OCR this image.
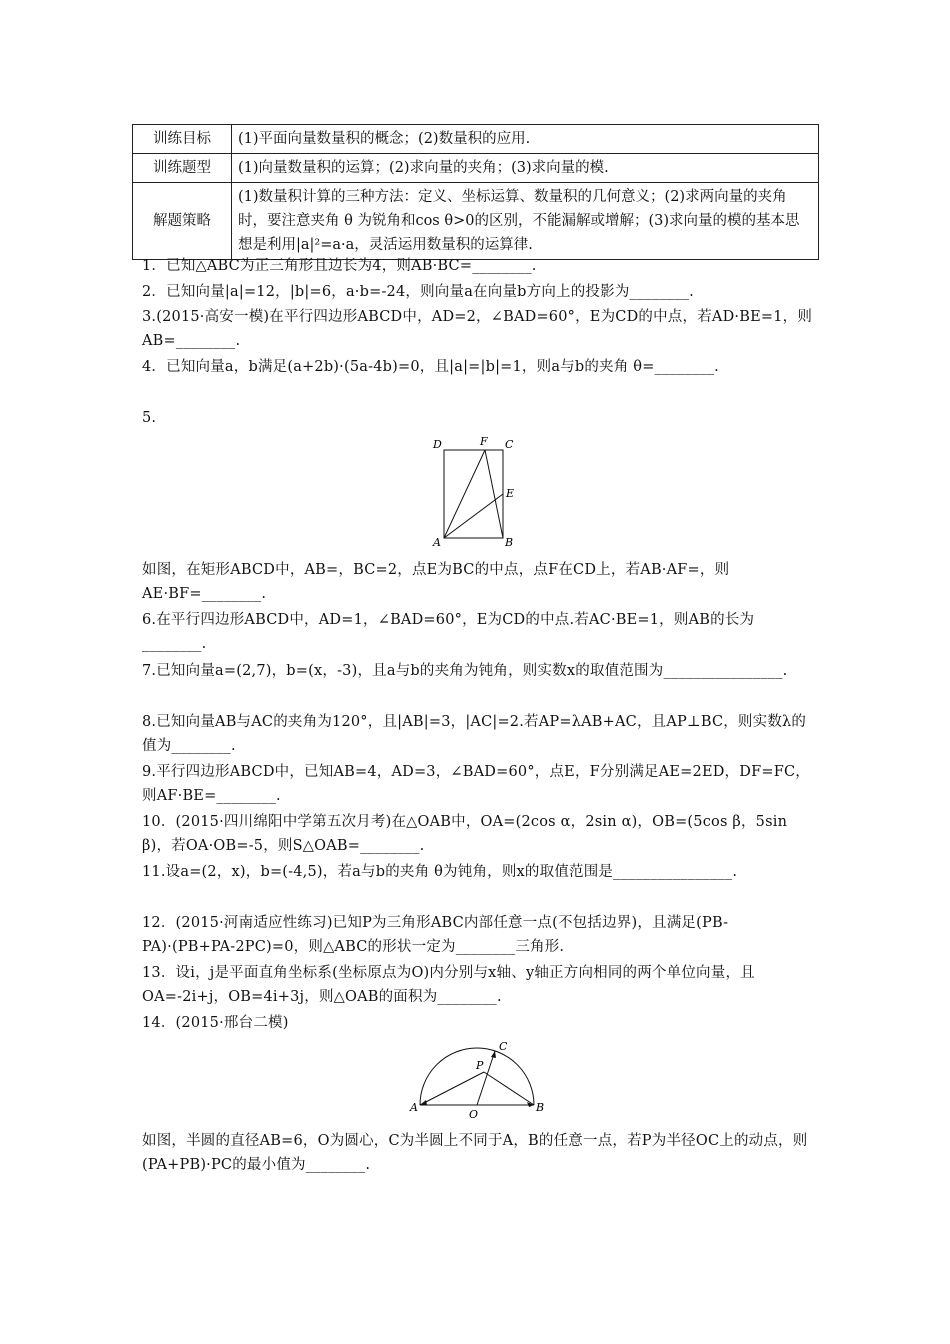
训练目标	(1)平面向量数量积的概念；(2)数量积的应用.
训练题型	(1)向量数量积的运算；(2)求向量的夹角；(3)求向量的模.
解题策略	(1)数量积计算的三种方法：定义、坐标运算、数量积的几何意义；(2)求两向量的夹角时，要注意夹角 θ 为锐角和cos θ>0的区别，不能漏解或增解；(3)求向量的模的基本思想是利用|a|²=a·a，灵活运用数量积的运算律.
1．已知△ABC为正三角形且边长为4，则AB·BC=________.
2．已知向量|a|=12，|b|=6，a·b=-24，则向量a在向量b方向上的投影为________.
3.(2015·高安一模)在平行四边形ABCD中，AD=2，∠BAD=60°，E为CD的中点，若AD·BE=1，则AB=________.
4．已知向量a，b满足(a+2b)·(5a-4b)=0，且|a|=|b|=1，则a与b的夹角 θ=________.
5.
D	F C
E
A	B
如图，在矩形ABCD中，AB=，BC=2，点E为BC的中点，点F在CD上，若AB·AF=，则AE·BF=________.
6.在平行四边形ABCD中，AD=1，∠BAD=60°，E为CD的中点.若AC·BE=1，则AB的长为________.
7.已知向量a=(2,7)，b=(x，-3)，且a与b的夹角为钝角，则实数x的取值范围为________________.
8.已知向量AB与AC的夹角为120°，且|AB|=3，|AC|=2.若AP=λAB+AC，且AP⊥BC，则实数λ的值为________.
9.平行四边形ABCD中，已知AB=4，AD=3，∠BAD=60°，点E，F分别满足AE=2ED，DF=FC，则AF·BE=________.
10．(2015·四川绵阳中学第五次月考)在△OAB中，OA=(2cos α，2sin α)，OB=(5cos β，5sin β)，若OA·OB=-5，则S△OAB=________.
11.设a=(2，x)，b=(-4,5)，若a与b的夹角 θ为钝角，则x的取值范围是________________.
12．(2015·河南适应性练习)已知P为三角形ABC内部任意一点(不包括边界)，且满足(PB-PA)·(PB+PA-2PC)=0，则△ABC的形状一定为________三角形.
13．设i，j是平面直角坐标系(坐标原点为O)内分别与x轴、y轴正方向相同的两个单位向量，且OA=-2i+j，OB=4i+3j，则△OAB的面积为________.
14．(2015·邢台二模)
C
P
A
O
B
如图，半圆的直径AB=6，O为圆心，C为半圆上不同于A，B的任意一点，若P为半径OC上的动点，则(PA+PB)·PC的最小值为________.
